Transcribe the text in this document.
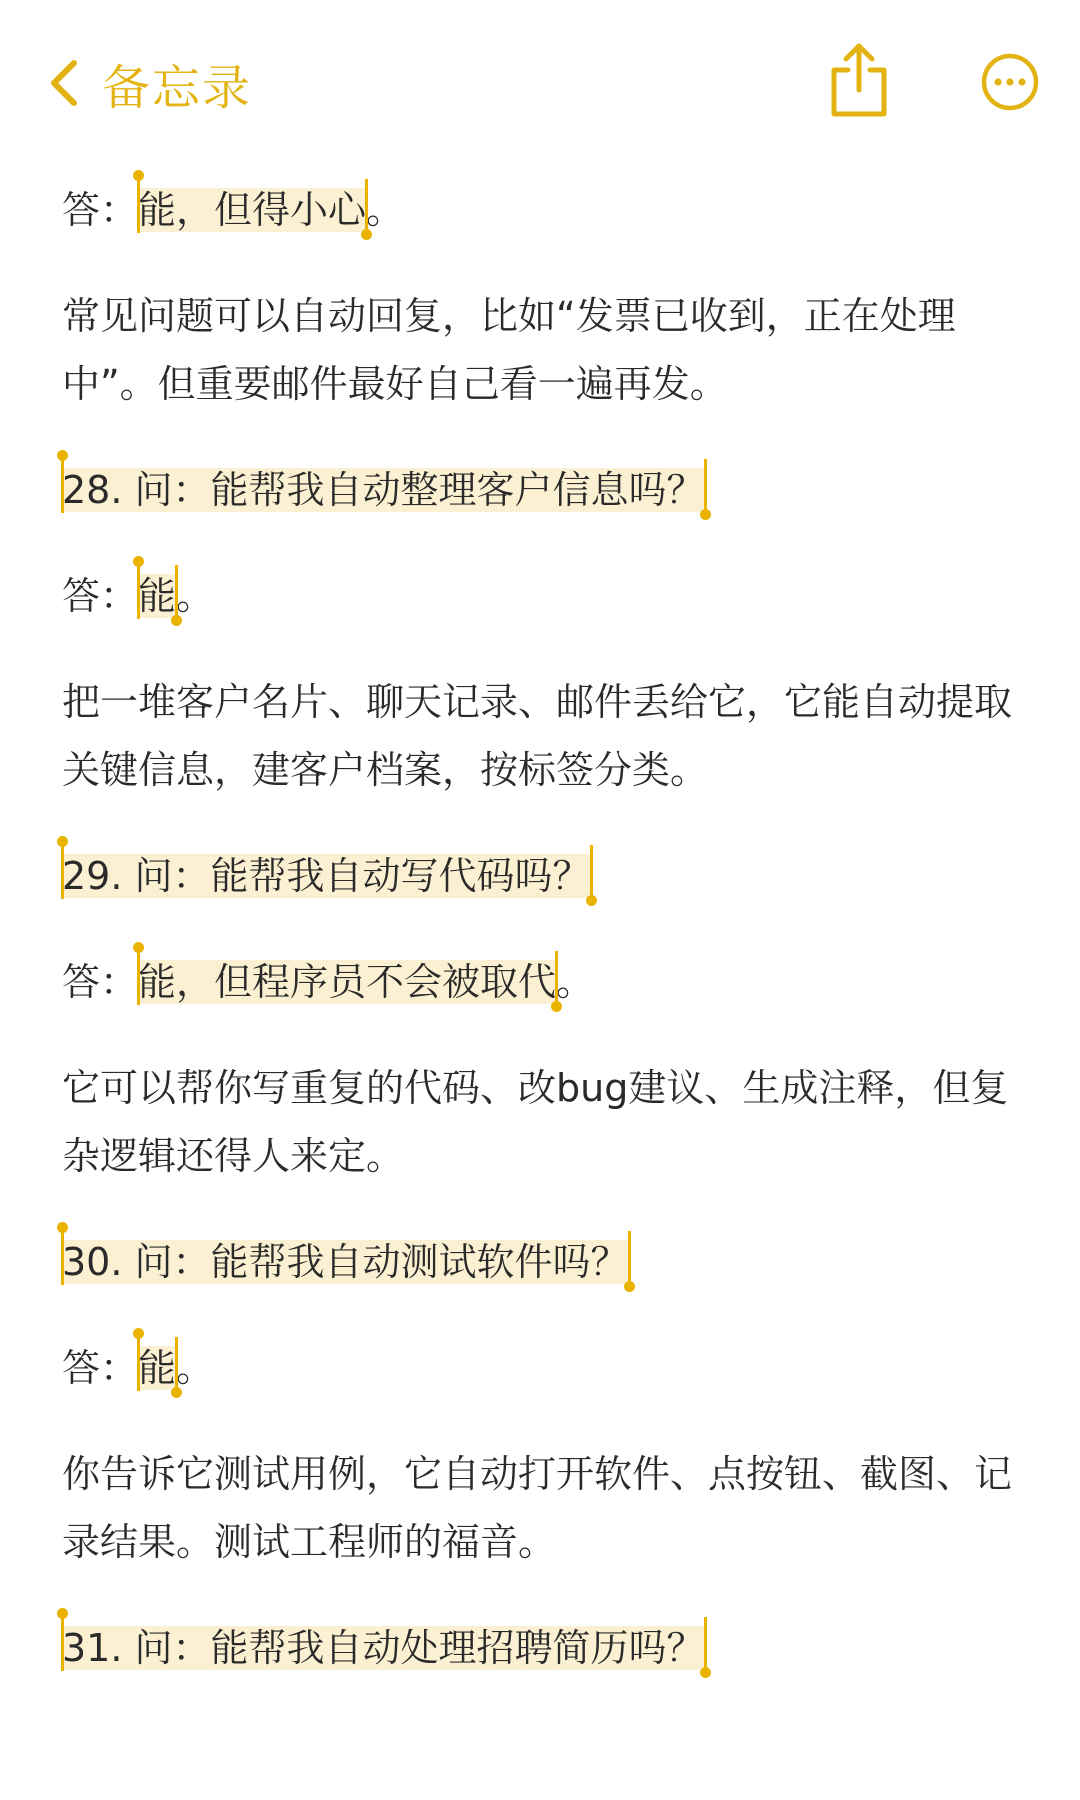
备忘录

答：能，但得小心。

常见问题可以自动回复，比如“发票已收到，正在处理中”。但重要邮件最好自己看一遍再发。

28. 问：能帮我自动整理客户信息吗？

答：能。

把一堆客户名片、聊天记录、邮件丢给它，它能自动提取关键信息，建客户档案，按标签分类。

29. 问：能帮我自动写代码吗？

答：能，但程序员不会被取代。

它可以帮你写重复的代码、改bug建议、生成注释，但复杂逻辑还得人来定。

30. 问：能帮我自动测试软件吗？

答：能。

你告诉它测试用例，它自动打开软件、点按钮、截图、记录结果。测试工程师的福音。

31. 问：能帮我自动处理招聘简历吗？
